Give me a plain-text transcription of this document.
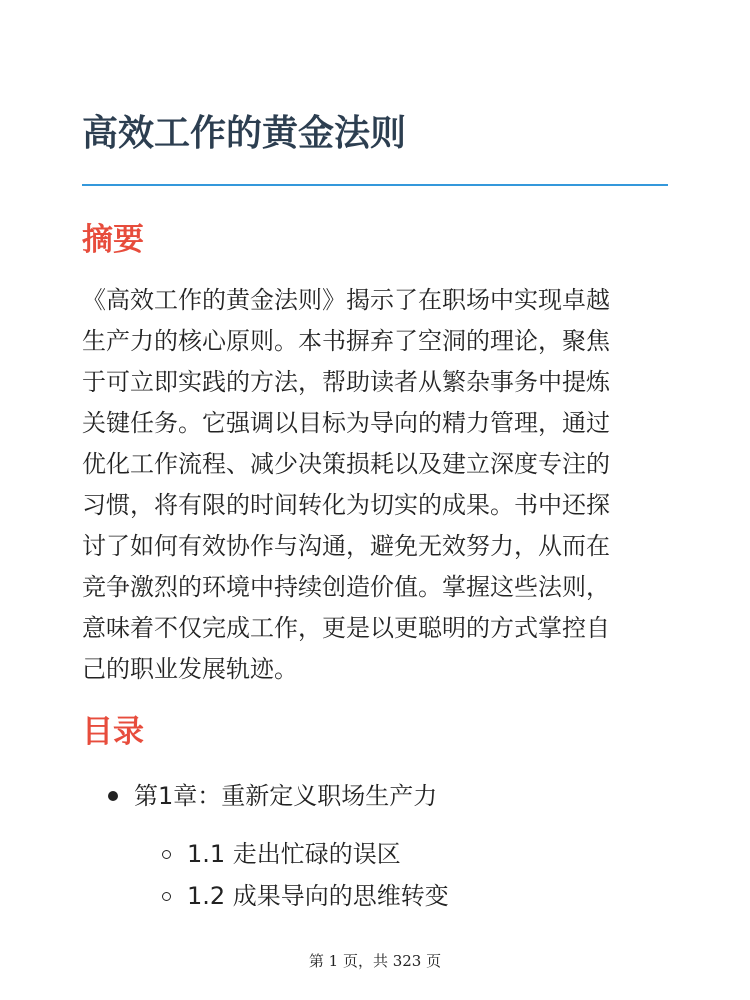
高效工作的黄金法则
摘要

《高效工作的黄金法则》揭示了在职场中实现卓越
生产力的核心原则。本书摒弃了空洞的理论，聚焦
于可立即实践的方法，帮助读者从繁杂事务中提炼
关键任务。它强调以目标为导向的精力管理，通过
优化工作流程、减少决策损耗以及建立深度专注的
习惯，将有限的时间转化为切实的成果。书中还探
讨了如何有效协作与沟通，避免无效努力，从而在
竞争激烈的环境中持续创造价值。掌握这些法则，
意味着不仅完成工作，更是以更聪明的方式掌控自
己的职业发展轨迹。

目录
第1章：重新定义职场生产力
1.1 走出忙碌的误区
1.2 成果导向的思维转变
第 1 页，共 323 页
